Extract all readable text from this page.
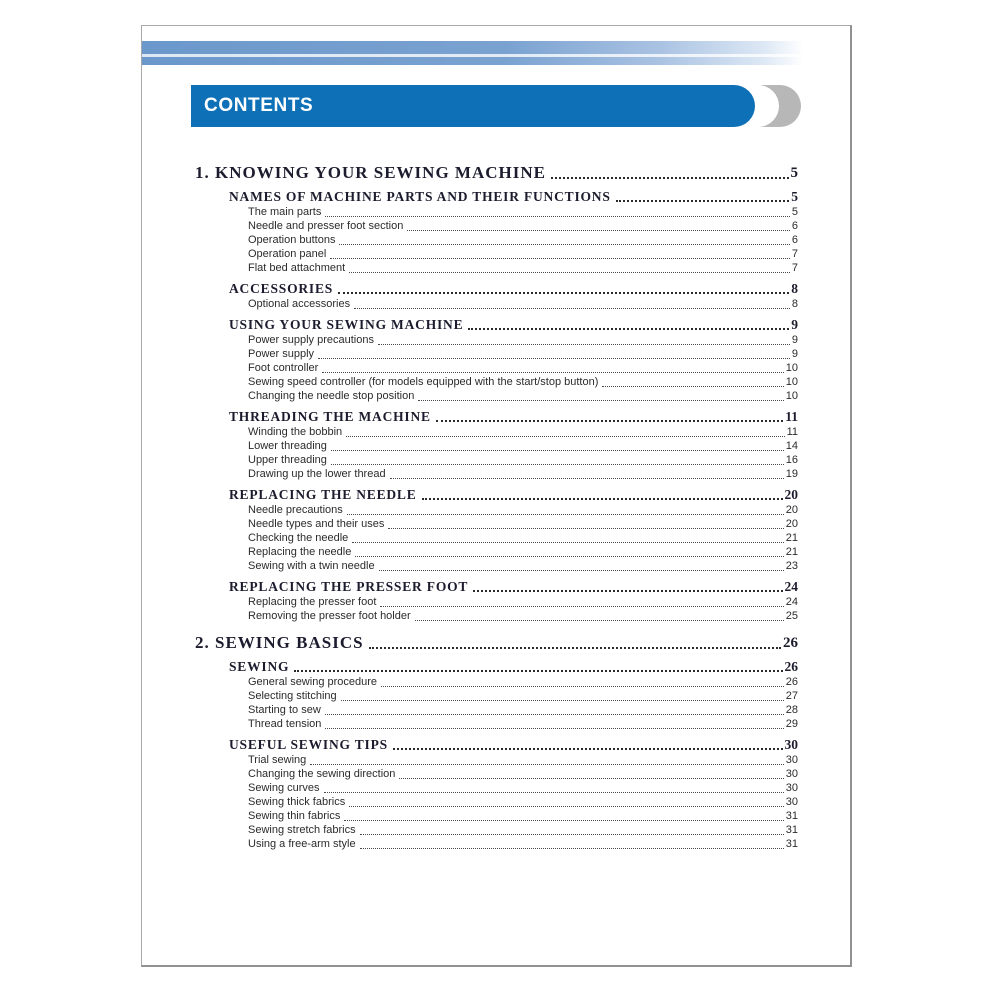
CONTENTS
1. KNOWING YOUR SEWING MACHINE	5
NAMES OF MACHINE PARTS AND THEIR FUNCTIONS	5
The main parts	5
Needle and presser foot section	6
Operation buttons	6
Operation panel	7
Flat bed attachment	7
ACCESSORIES	8
Optional accessories	8
USING YOUR SEWING MACHINE	9
Power supply precautions	9
Power supply	9
Foot controller	10
Sewing speed controller (for models equipped with the start/stop button)	10
Changing the needle stop position	10
THREADING THE MACHINE	11
Winding the bobbin	11
Lower threading	14
Upper threading	16
Drawing up the lower thread	19
REPLACING THE NEEDLE	20
Needle precautions	20
Needle types and their uses	20
Checking the needle	21
Replacing the needle	21
Sewing with a twin needle	23
REPLACING THE PRESSER FOOT	24
Replacing the presser foot	24
Removing the presser foot holder	25
2. SEWING BASICS	26
SEWING	26
General sewing procedure	26
Selecting stitching	27
Starting to sew	28
Thread tension	29
USEFUL SEWING TIPS	30
Trial sewing	30
Changing the sewing direction	30
Sewing curves	30
Sewing thick fabrics	30
Sewing thin fabrics	31
Sewing stretch fabrics	31
Using a free-arm style	31
